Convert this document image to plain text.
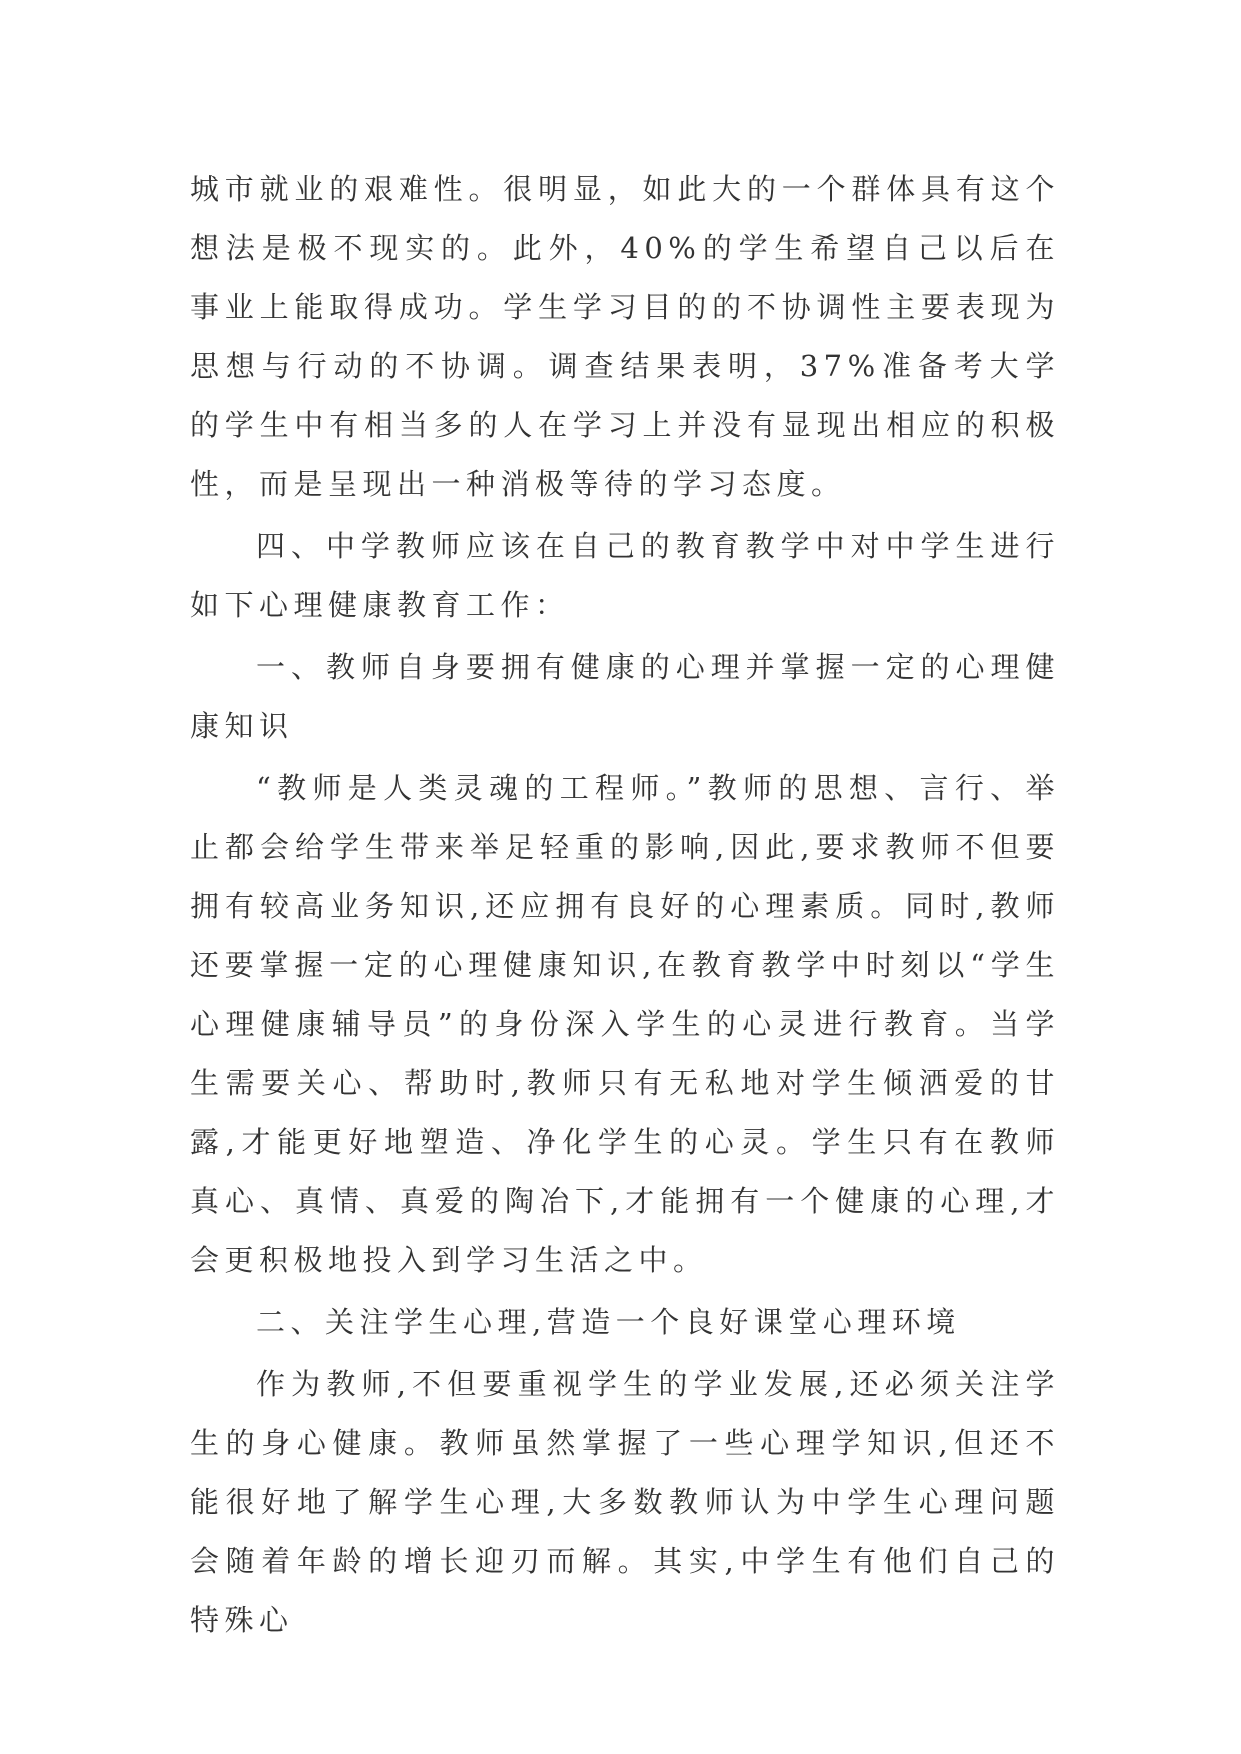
城市就业的艰难性。很明显，如此大的一个群体具有这个想法是极不现实的。此外，40%的学生希望自己以后在事业上能取得成功。学生学习目的的不协调性主要表现为思想与行动的不协调。调查结果表明，37%准备考大学的学生中有相当多的人在学习上并没有显现出相应的积极性，而是呈现出一种消极等待的学习态度。

四、中学教师应该在自己的教育教学中对中学生进行如下心理健康教育工作：

一、教师自身要拥有健康的心理并掌握一定的心理健康知识

“教师是人类灵魂的工程师。”教师的思想、言行、举止都会给学生带来举足轻重的影响,因此,要求教师不但要拥有较高业务知识,还应拥有良好的心理素质。同时,教师还要掌握一定的心理健康知识,在教育教学中时刻以“学生心理健康辅导员”的身份深入学生的心灵进行教育。当学生需要关心、帮助时,教师只有无私地对学生倾洒爱的甘露,才能更好地塑造、净化学生的心灵。学生只有在教师真心、真情、真爱的陶冶下,才能拥有一个健康的心理,才会更积极地投入到学习生活之中。

二、关注学生心理,营造一个良好课堂心理环境

作为教师,不但要重视学生的学业发展,还必须关注学生的身心健康。教师虽然掌握了一些心理学知识,但还不能很好地了解学生心理,大多数教师认为中学生心理问题会随着年龄的增长迎刃而解。其实,中学生有他们自己的特殊心
